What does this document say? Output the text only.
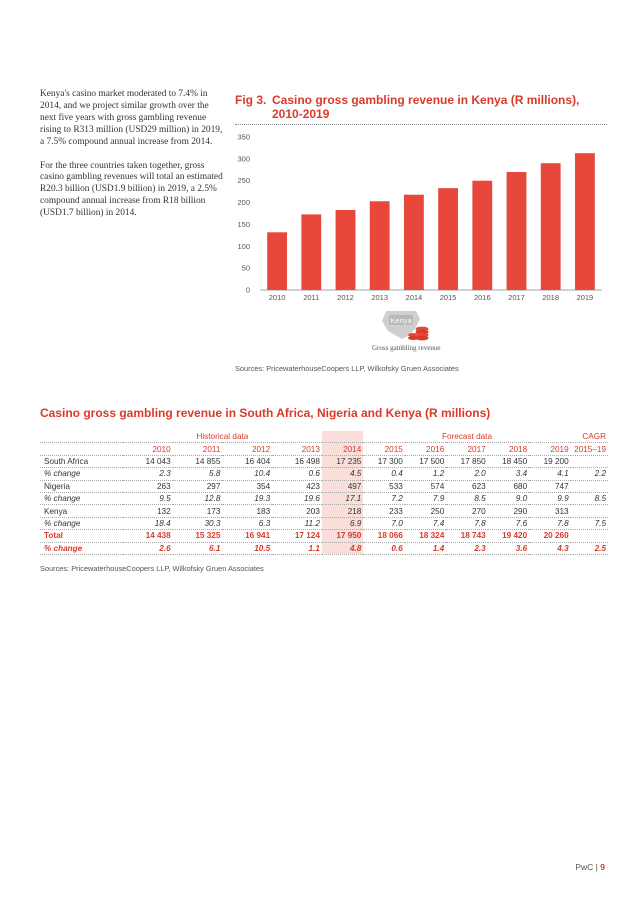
Kenya's casino market moderated to 7.4% in 2014, and we project similar growth over the next five years with gross gambling revenue rising to R313 million (USD29 million) in 2019, a 7.5% compound annual increase from 2014.

For the three countries taken together, gross casino gambling revenues will total an estimated R20.3 billion (USD1.9 billion) in 2019, a 2.5% compound annual increase from R18 billion (USD1.7 billion) in 2014.

Fig 3. Casino gross gambling revenue in Kenya (R millions), 2010-2019
0
50
100
150
200
250
300
350
2010 2011 2012 2013 2014 2015 2016 2017 2018 2019
Kenya
Gross gambling revenue
Sources: PricewaterhouseCoopers LLP, Wilkofsky Gruen Associates
Casino gross gambling revenue in South Africa, Nigeria and Kenya (R millions)
	Historical data					Forecast data					CAGR
	2010	2011	2012	2013	2014	2015	2016	2017	2018	2019	2015–19
South Africa	14 043	14 855	16 404	16 498	17 235	17 300	17 500	17 850	18 450	19 200	
% change	2.3	5.8	10.4	0.6	4.5	0.4	1.2	2.0	3.4	4.1	2.2
Nigeria	263	297	354	423	497	533	574	623	680	747	
% change	9.5	12.8	19.3	19.6	17.1	7.2	7.9	8.5	9.0	9.9	8.5
Kenya	132	173	183	203	218	233	250	270	290	313	
% change	18.4	30.3	6.3	11.2	6.9	7.0	7.4	7.8	7.6	7.8	7.5
Total	14 438	15 325	16 941	17 124	17 950	18 066	18 324	18 743	19 420	20 260	
% change	2.6	6.1	10.5	1.1	4.8	0.6	1.4	2.3	3.6	4.3	2.5
Sources: PricewaterhouseCoopers LLP, Wilkofsky Gruen Associates
PwC | 9
